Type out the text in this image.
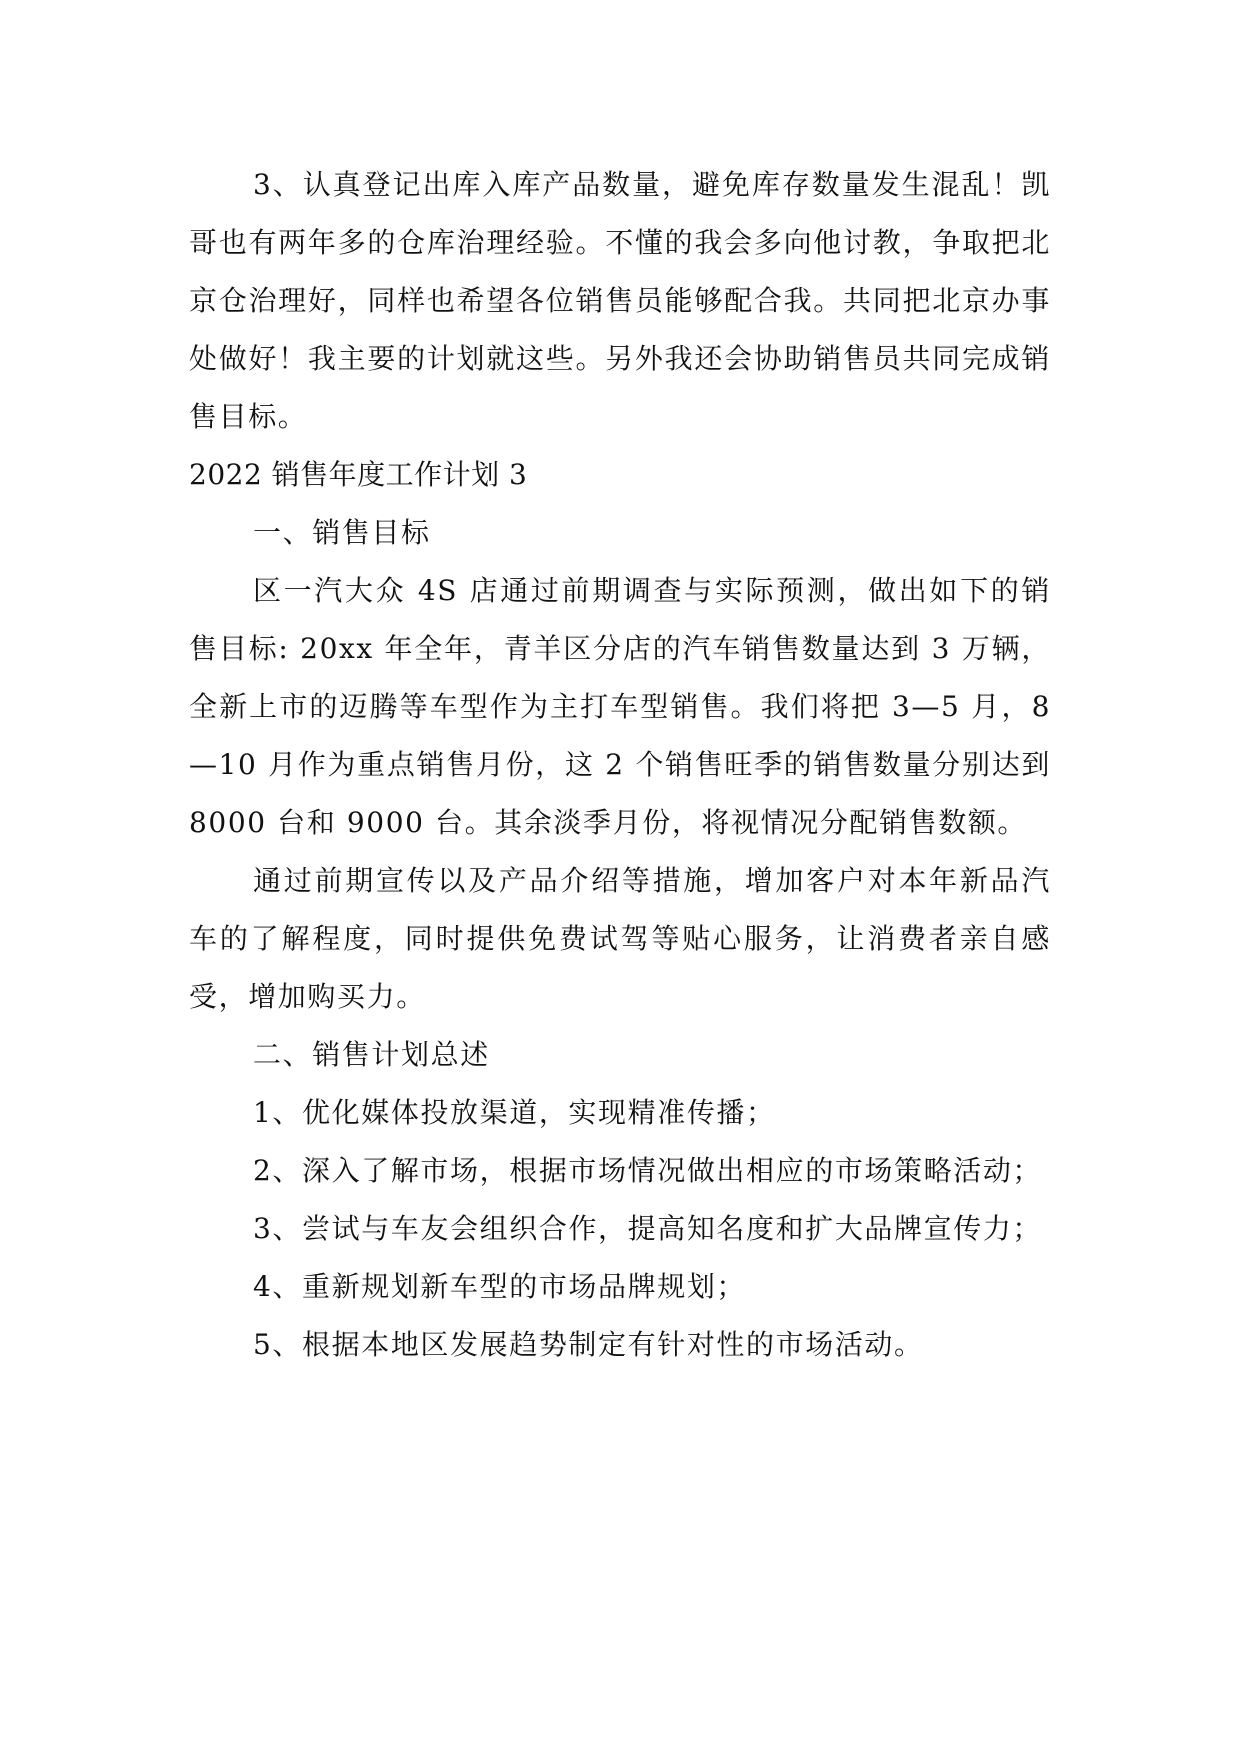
3、认真登记出库入库产品数量，避免库存数量发生混乱！凯哥也有两年多的仓库治理经验。不懂的我会多向他讨教，争取把北京仓治理好，同样也希望各位销售员能够配合我。共同把北京办事处做好！我主要的计划就这些。另外我还会协助销售员共同完成销售目标。

2022 销售年度工作计划 3

一、销售目标

区一汽大众 4S 店通过前期调查与实际预测，做出如下的销售目标: 20xx 年全年，青羊区分店的汽车销售数量达到 3 万辆，全新上市的迈腾等车型作为主打车型销售。我们将把 3—5 月，8—10 月作为重点销售月份，这 2 个销售旺季的销售数量分别达到 8000 台和 9000 台。其余淡季月份，将视情况分配销售数额。

通过前期宣传以及产品介绍等措施，增加客户对本年新品汽车的了解程度，同时提供免费试驾等贴心服务，让消费者亲自感受，增加购买力。

二、销售计划总述

1、优化媒体投放渠道，实现精准传播；

2、深入了解市场，根据市场情况做出相应的市场策略活动；

3、尝试与车友会组织合作，提高知名度和扩大品牌宣传力；

4、重新规划新车型的市场品牌规划；

5、根据本地区发展趋势制定有针对性的市场活动。
